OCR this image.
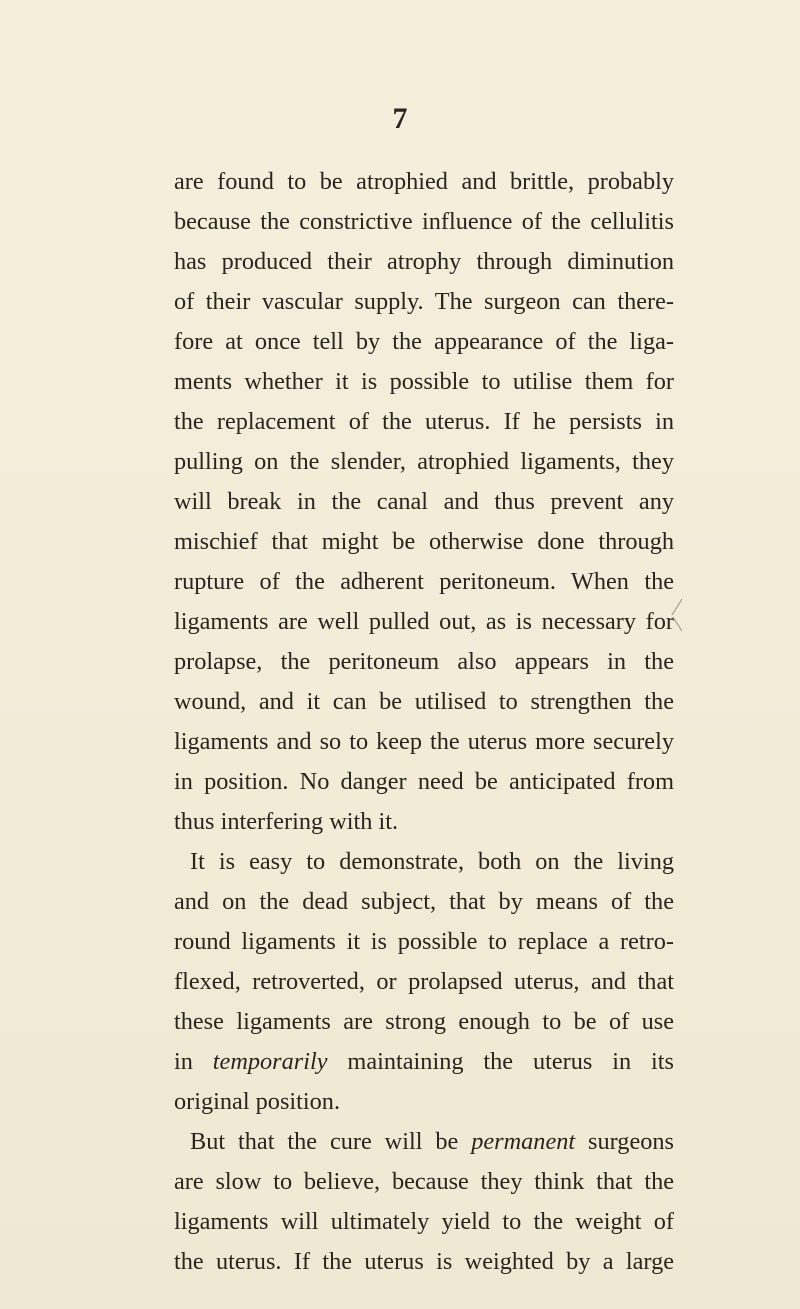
7
are found to be atrophied and brittle, probably
because the constrictive influence of the cellulitis
has produced their atrophy through diminution
of their vascular supply. The surgeon can there-
fore at once tell by the appearance of the liga-
ments whether it is possible to utilise them for
the replacement of the uterus. If he persists in
pulling on the slender, atrophied ligaments, they
will break in the canal and thus prevent any
mischief that might be otherwise done through
rupture of the adherent peritoneum. When the
ligaments are well pulled out, as is necessary for
prolapse, the peritoneum also appears in the
wound, and it can be utilised to strengthen the
ligaments and so to keep the uterus more securely
in position. No danger need be anticipated from
thus interfering with it.
It is easy to demonstrate, both on the living
and on the dead subject, that by means of the
round ligaments it is possible to replace a retro-
flexed, retroverted, or prolapsed uterus, and that
these ligaments are strong enough to be of use
in temporarily maintaining the uterus in its
original position.
But that the cure will be permanent surgeons
are slow to believe, because they think that the
ligaments will ultimately yield to the weight of
the uterus. If the uterus is weighted by a large
